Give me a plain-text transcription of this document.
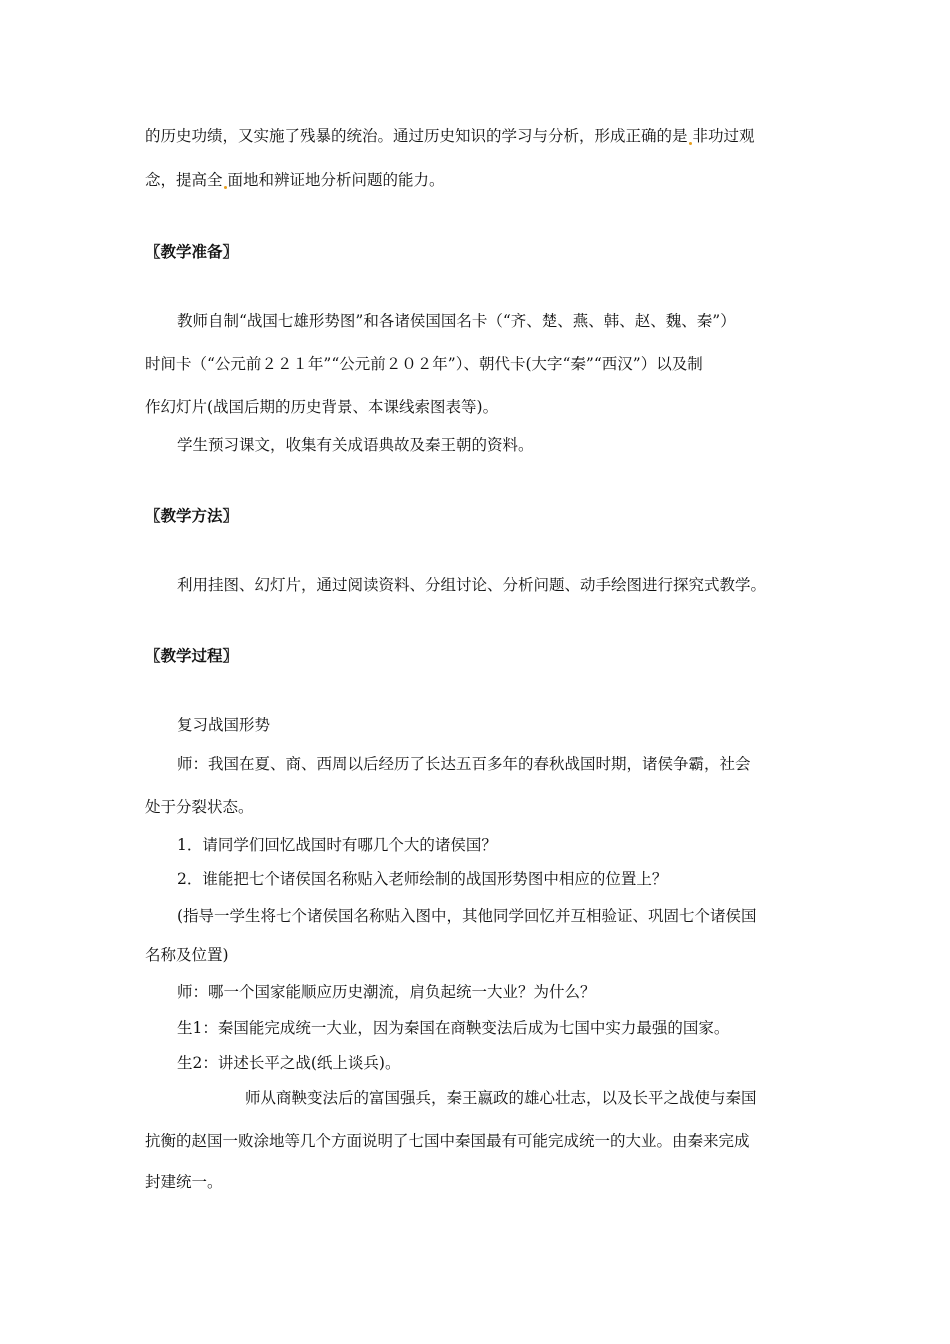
的历史功绩，又实施了残暴的统治。通过历史知识的学习与分析，形成正确的是 非功过观

念，提高全 面地和辨证地分析问题的能力。

〖教学准备〗

教师自制“战国七雄形势图”和各诸侯国国名卡（“齐、楚、燕、韩、赵、魏、秦”）

时间卡（“公元前２２１年”“公元前２０２年”）、朝代卡(大字“秦”“西汉”）以及制

作幻灯片(战国后期的历史背景、本课线索图表等)。

学生预习课文，收集有关成语典故及秦王朝的资料。

〖教学方法〗

利用挂图、幻灯片，通过阅读资料、分组讨论、分析问题、动手绘图进行探究式教学。

〖教学过程〗

复习战国形势

师：我国在夏、商、西周以后经历了长达五百多年的春秋战国时期，诸侯争霸，社会

处于分裂状态。

1．请同学们回忆战国时有哪几个大的诸侯国？

2．谁能把七个诸侯国名称贴入老师绘制的战国形势图中相应的位置上？

(指导一学生将七个诸侯国名称贴入图中，其他同学回忆并互相验证、巩固七个诸侯国

名称及位置)

师：哪一个国家能顺应历史潮流，肩负起统一大业？为什么？

生1：秦国能完成统一大业，因为秦国在商鞅变法后成为七国中实力最强的国家。

生2：讲述长平之战(纸上谈兵)。

师从商鞅变法后的富国强兵，秦王嬴政的雄心壮志，以及长平之战使与秦国

抗衡的赵国一败涂地等几个方面说明了七国中秦国最有可能完成统一的大业。由秦来完成

封建统一。
